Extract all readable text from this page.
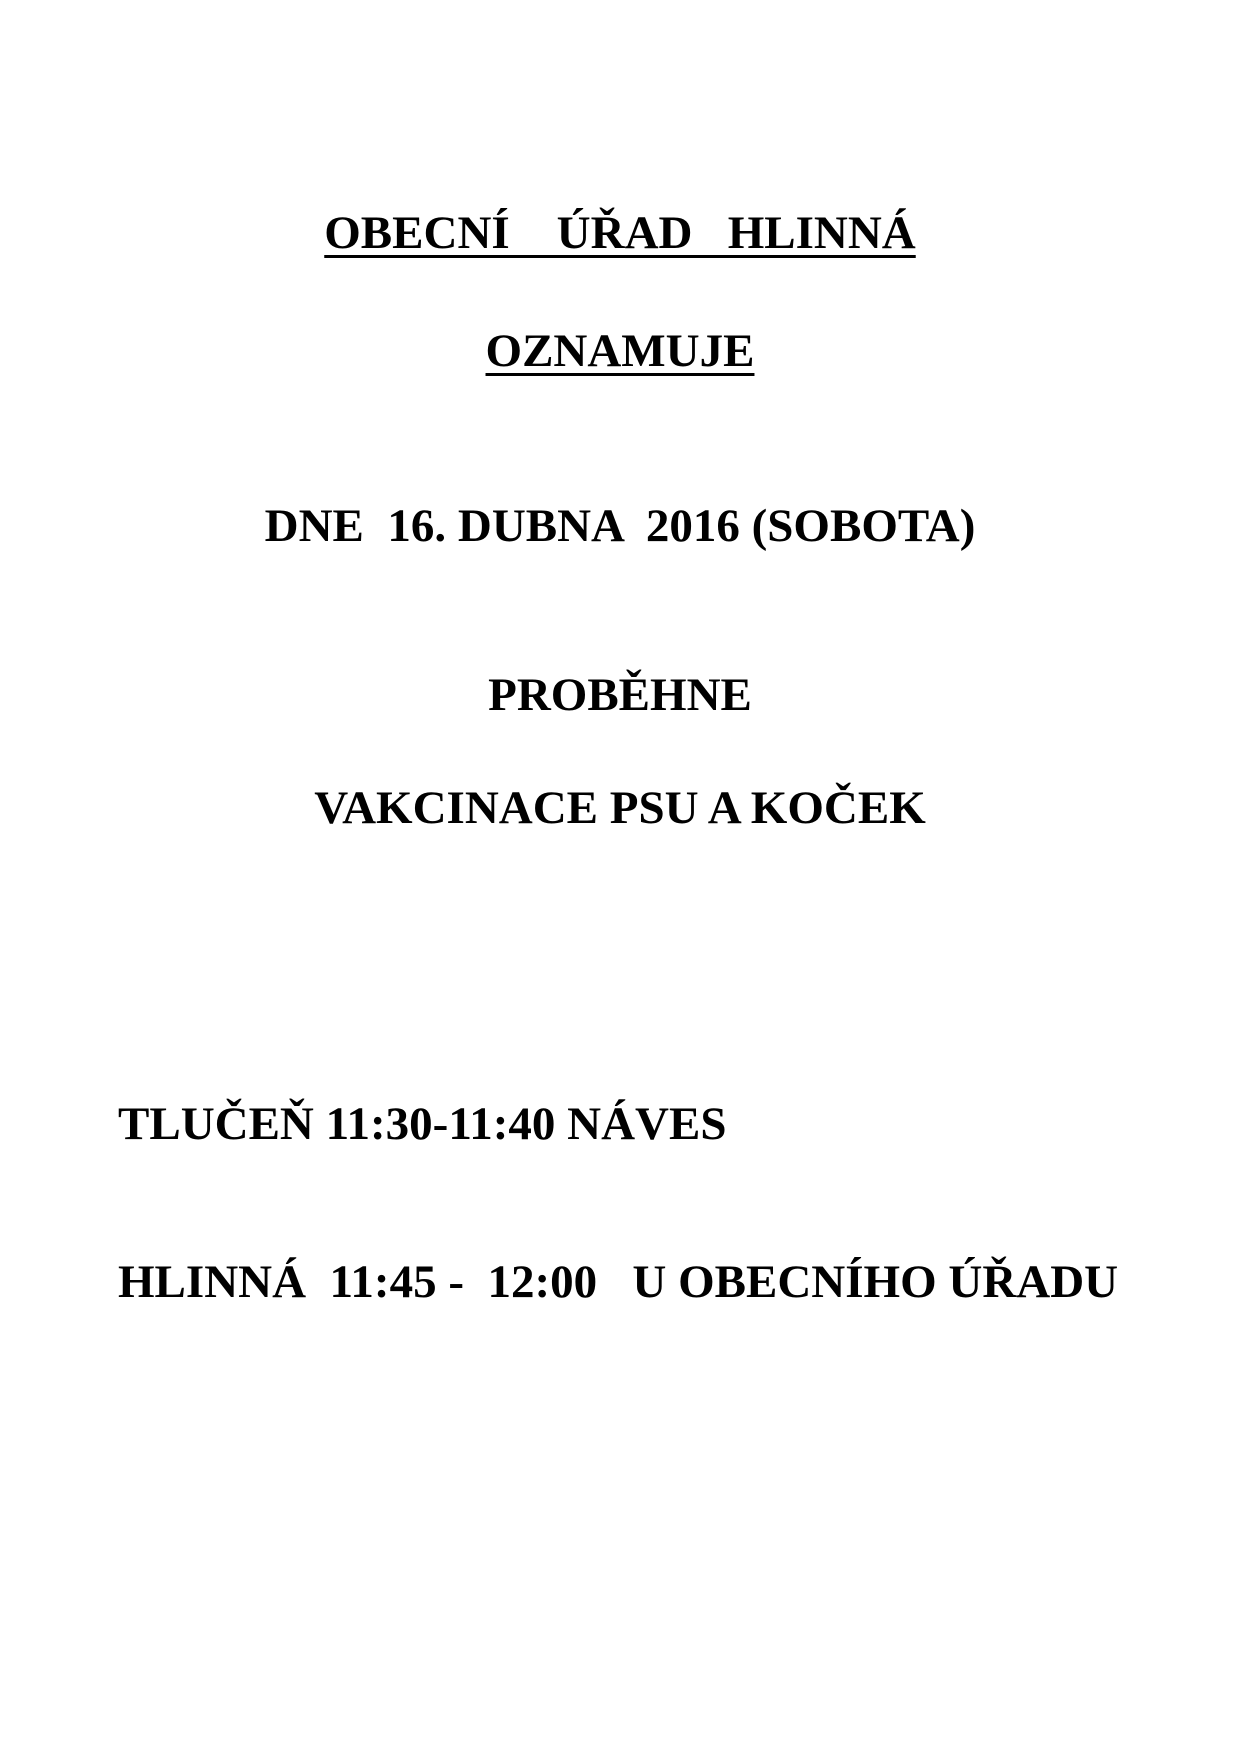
OBECNÍ    ÚŘAD   HLINNÁ
OZNAMUJE
DNE  16. DUBNA  2016 (SOBOTA)
PROBĚHNE
VAKCINACE PSU A KOČEK
TLUČEŇ 11:30-11:40 NÁVES
HLINNÁ  11:45 -  12:00   U OBECNÍHO ÚŘADU
